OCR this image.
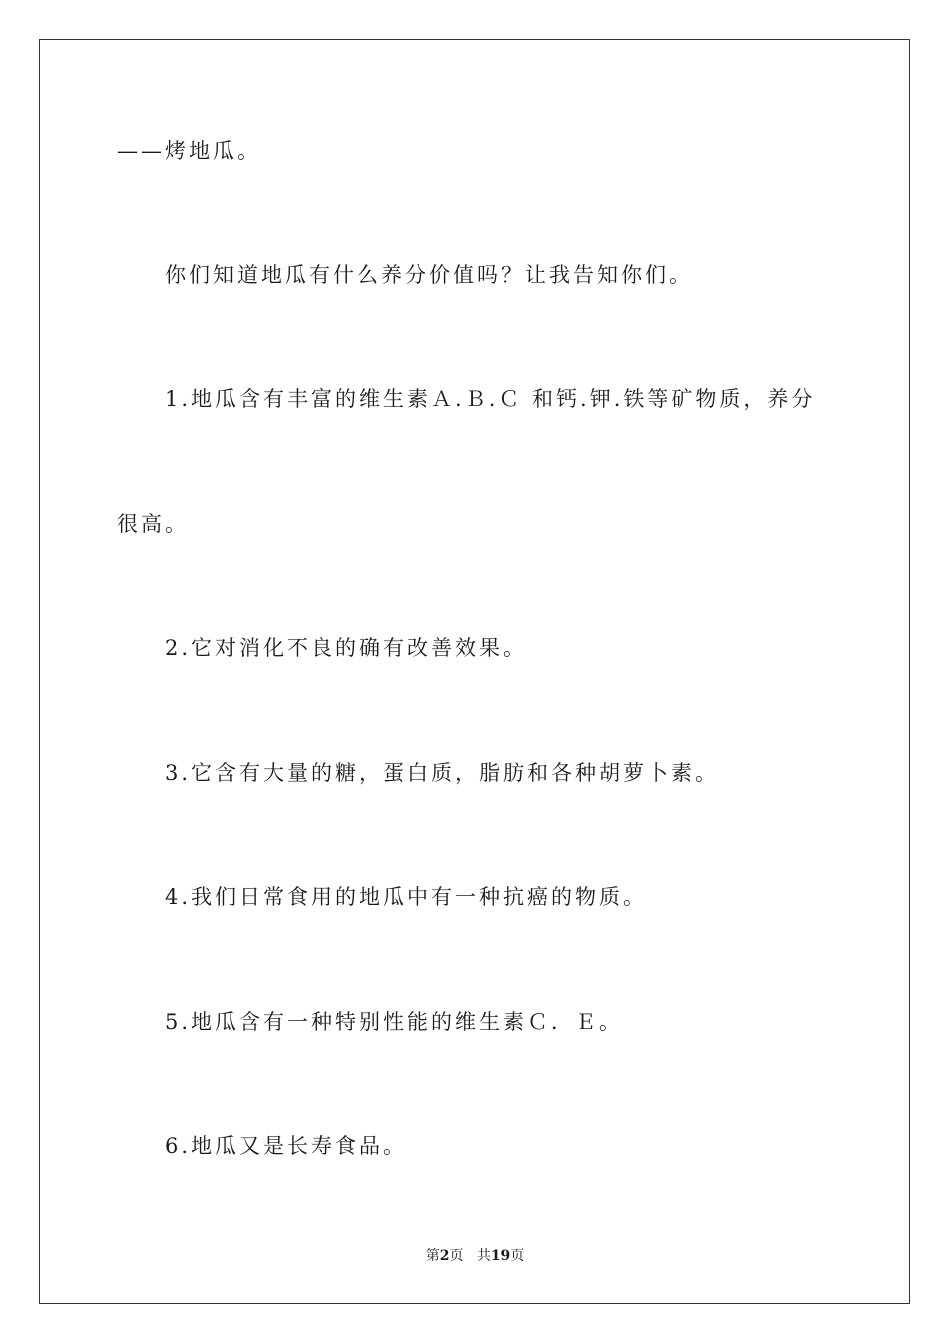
——烤地瓜。
你们知道地瓜有什么养分价值吗？让我告知你们。
1.地瓜含有丰富的维生素Ａ.Ｂ.Ｃ 和钙.钾.铁等矿物质，养分
很高。
2.它对消化不良的确有改善效果。
3.它含有大量的糖，蛋白质，脂肪和各种胡萝卜素。
4.我们日常食用的地瓜中有一种抗癌的物质。
5.地瓜含有一种特别性能的维生素Ｃ．Ｅ。
6.地瓜又是长寿食品。
第2页 共19页
